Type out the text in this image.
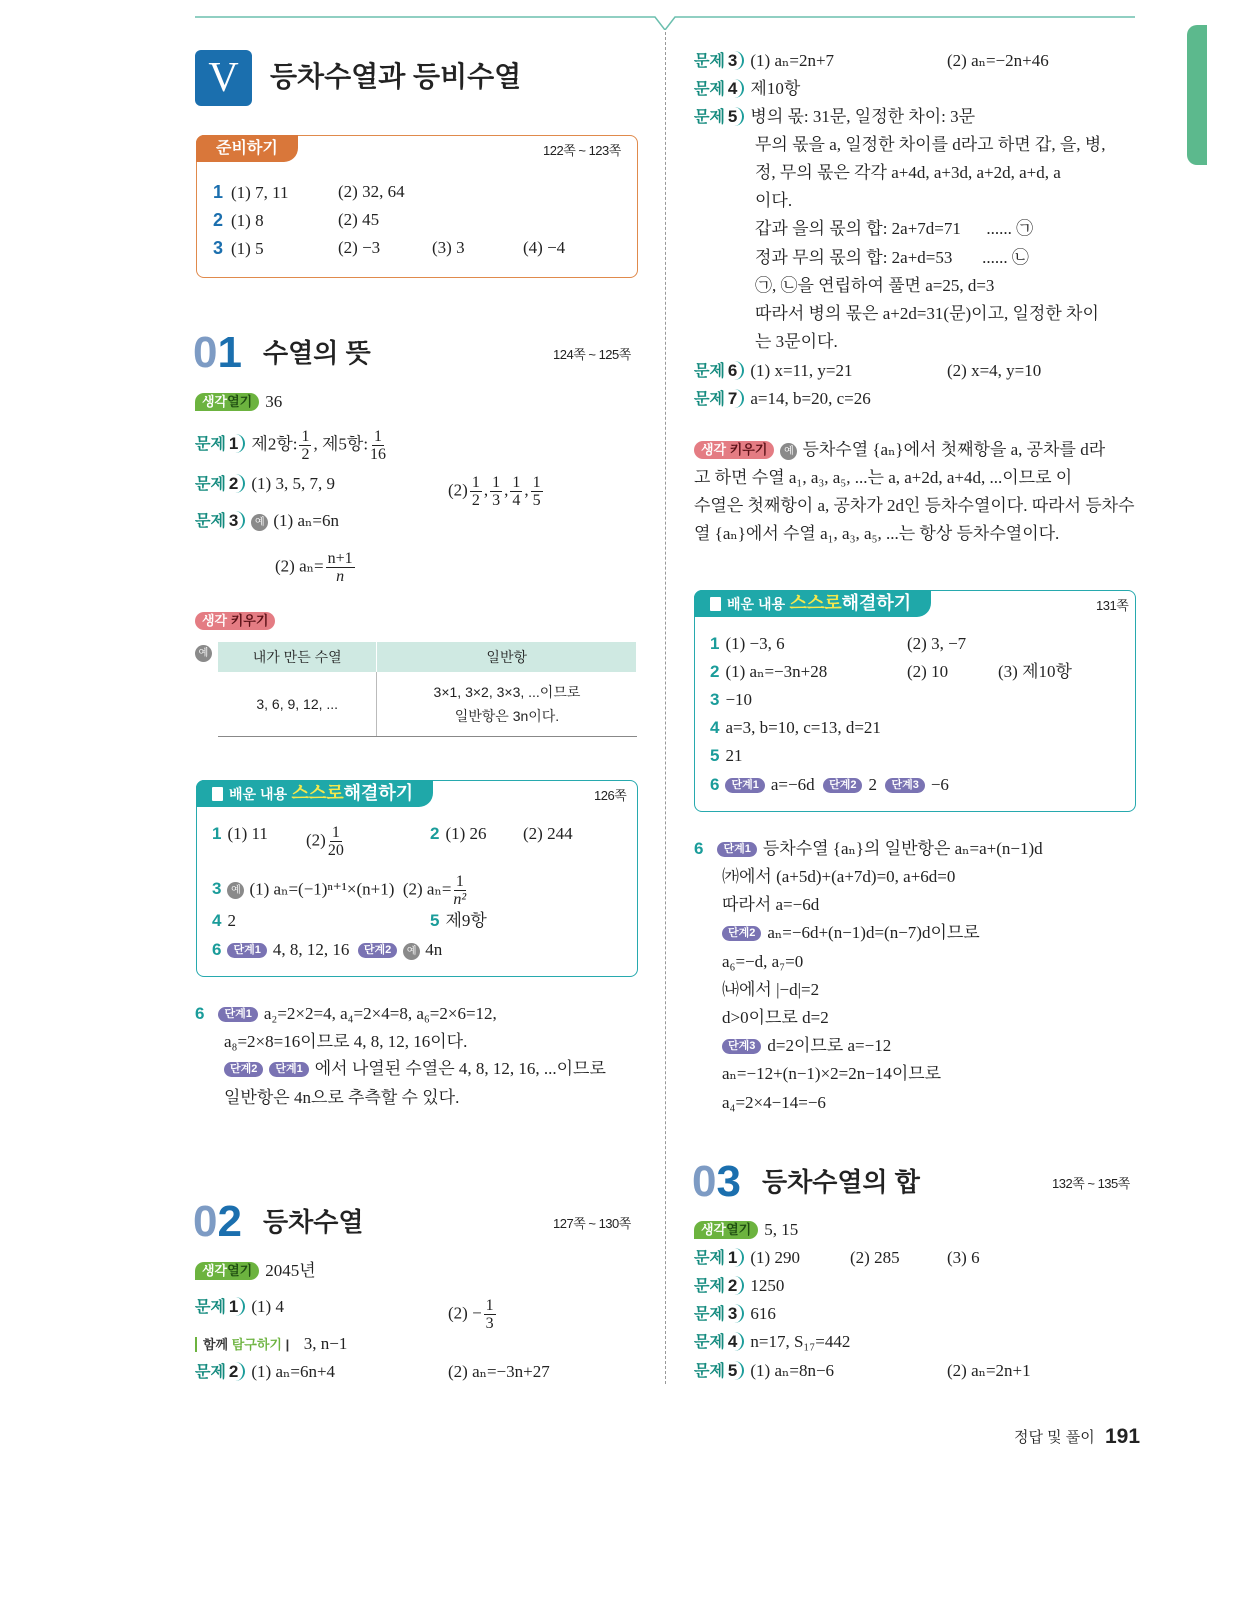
V	등차수열과 등비수열
준비하기	122쪽 ~ 123쪽
1 (1) 7, 11	(2) 32, 64
2 (1) 8	(2) 45
3 (1) 5	(2) −3	(3) 3	(4) −4
01 수열의 뜻	124쪽 ~ 125쪽
생각열기 36
문제 1 제2항: $\frac{1}{2}$ , 제5항: $\frac{1}{16}$
문제 2 (1) 3, 5, 7, 9	$(2) \frac{1}{2}$ , $\frac{1}{3}$ , $\frac{1}{4}$ , $\frac{1}{5}$
문제 3 예 (1) aₙ=6n
(2) $a_n= \frac{n+1}{n}$
생각 키우기
예	내가 만든 수열	일반항
3, 6, 9, 12, ...	3×1, 3×2, 3×3, ...이므로
일반항은 3n이다.
배운 내용 스스로해결하기	126쪽
1 (1) 11 $(2) \frac{1}{20}$	2 (1) 26 (2) 244
3 예 (1) aₙ=(−1)ⁿ⁺¹×(n+1) (2) $a_n= \frac{1}{\text{n²}}$
4 2	5 제9항
6 단계1 4, 8, 12, 16 단계2 예 4n
6 단계1 a₂=2×2=4, a₄=2×4=8, a₆=2×6=12,
a₈=2×8=16이므로 4, 8, 12, 16이다.
단계2 단계1 에서 나열된 수열은 4, 8, 12, 16, ...이므로
일반항은 4n으로 추측할 수 있다.
02 등차수열	127쪽 ~ 130쪽
생각열기 2045년
문제 1 (1) 4	$(2) - \frac{1}{3}$
함께 탐구하기 | 3, n−1
문제 2 (1) aₙ=6n+4	(2) aₙ=−3n+27
문제 3 (1) aₙ=2n+7	(2) aₙ=−2n+46
문제 4 제10항
문제 5 병의 몫: 31문, 일정한 차이: 3문
무의 몫을 a, 일정한 차이를 d라고 하면 갑, 을, 병,
정, 무의 몫은 각각 a+4d, a+3d, a+2d, a+d, a
이다.
갑과 을의 몫의 합: 2a+7d=71      ...... ㉠
정과 무의 몫의 합: 2a+d=53       ...... ㉡
㉠, ㉡을 연립하여 풀면 a=25, d=3
따라서 병의 몫은 a+2d=31(문)이고, 일정한 차이
는 3문이다.
문제 6 (1) x=11, y=21	(2) x=4, y=10
문제 7 a=14, b=20, c=26
생각 키우기 예 등차수열 {aₙ}에서 첫째항을 a, 공차를 d라
고 하면 수열 a₁, a₃, a₅, ...는 a, a+2d, a+4d, ...이므로 이
수열은 첫째항이 a, 공차가 2d인 등차수열이다. 따라서 등차수
열 {aₙ}에서 수열 a₁, a₃, a₅, ...는 항상 등차수열이다.
배운 내용 스스로해결하기	131쪽
1 (1) −3, 6	(2) 3, −7
2 (1) aₙ=−3n+28	(2) 10	(3) 제10항
3 −10
4 a=3, b=10, c=13, d=21
5 21
6 단계1 a=−6d 단계2 2 단계3 −6
6 단계1 등차수열 {aₙ}의 일반항은 aₙ=a+(n−1)d
㈎에서 (a+5d)+(a+7d)=0, a+6d=0
따라서 a=−6d
단계2 aₙ=−6d+(n−1)d=(n−7)d이므로
a₆=−d, a₇=0
㈏에서 |−d|=2
d>0이므로 d=2
단계3 d=2이므로 a=−12
aₙ=−12+(n−1)×2=2n−14이므로
a₄=2×4−14=−6
03 등차수열의 합	132쪽 ~ 135쪽
생각열기 5, 15
문제 1 (1) 290	(2) 285	(3) 6
문제 2 1250
문제 3 616
문제 4 n=17, S₁₇=442
문제 5 (1) aₙ=8n−6	(2) aₙ=2n+1
정답 및 풀이 191
